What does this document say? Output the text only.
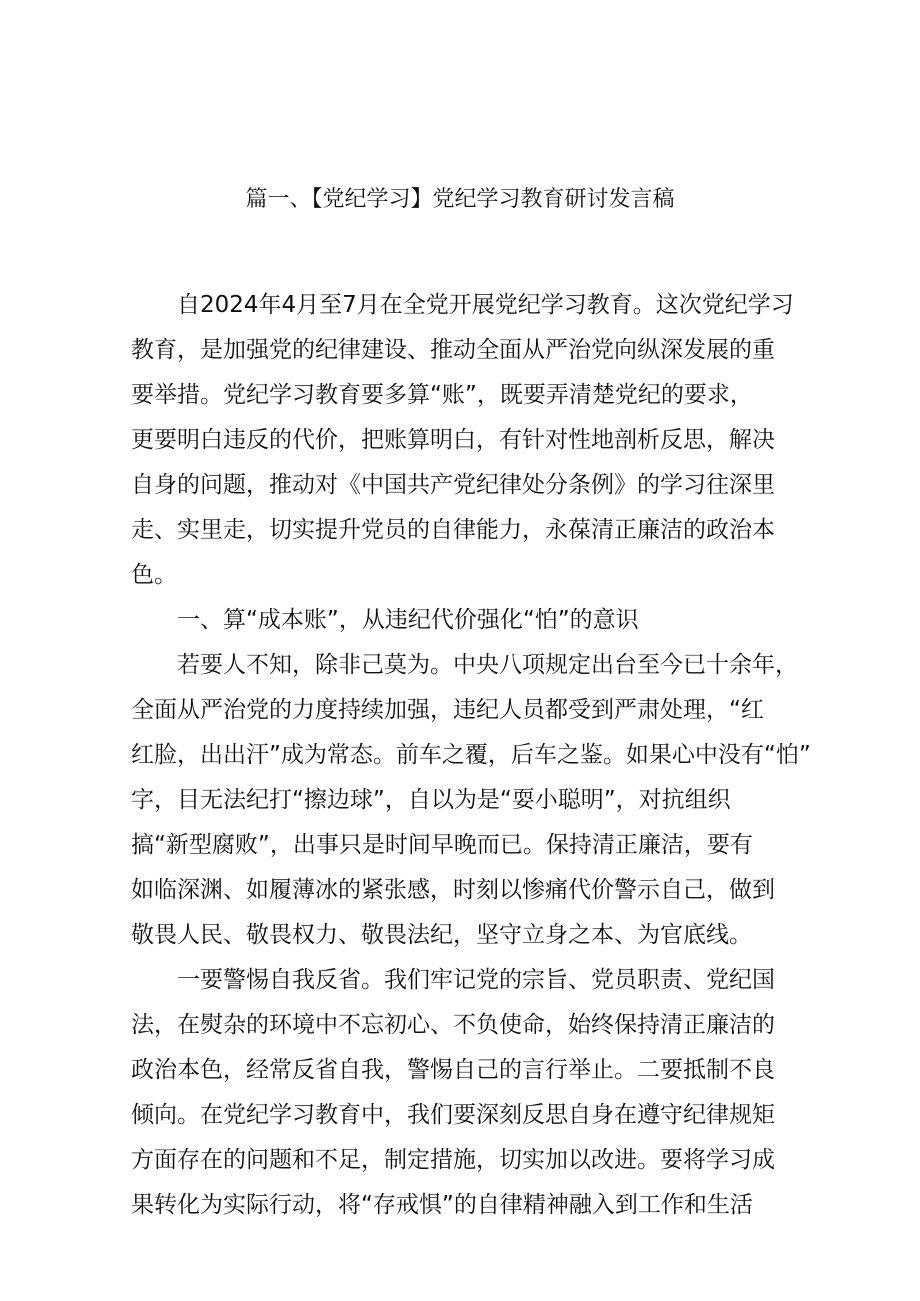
篇一、【党纪学习】党纪学习教育研讨发言稿
　　自2024年4月至7月在全党开展党纪学习教育。这次党纪学习
教育，是加强党的纪律建设、推动全面从严治党向纵深发展的重
要举措。党纪学习教育要多算“账”，既要弄清楚党纪的要求，
更要明白违反的代价，把账算明白，有针对性地剖析反思，解决
自身的问题，推动对《中国共产党纪律处分条例》的学习往深里
走、实里走，切实提升党员的自律能力，永葆清正廉洁的政治本
色。
　　一、算“成本账”，从违纪代价强化“怕”的意识
　　若要人不知，除非己莫为。中央八项规定出台至今已十余年，
全面从严治党的力度持续加强，违纪人员都受到严肃处理，“红
红脸，出出汗”成为常态。前车之覆，后车之鉴。如果心中没有“怕”
字，目无法纪打“擦边球”，自以为是“耍小聪明”，对抗组织
搞“新型腐败”，出事只是时间早晚而已。保持清正廉洁，要有
如临深渊、如履薄冰的紧张感，时刻以惨痛代价警示自己，做到
敬畏人民、敬畏权力、敬畏法纪，坚守立身之本、为官底线。
　　一要警惕自我反省。我们牢记党的宗旨、党员职责、党纪国
法，在熨杂的环境中不忘初心、不负使命，始终保持清正廉洁的
政治本色，经常反省自我，警惕自己的言行举止。二要抵制不良
倾向。在党纪学习教育中，我们要深刻反思自身在遵守纪律规矩
方面存在的问题和不足，制定措施，切实加以改进。要将学习成
果转化为实际行动，将“存戒惧”的自律精神融入到工作和生活
